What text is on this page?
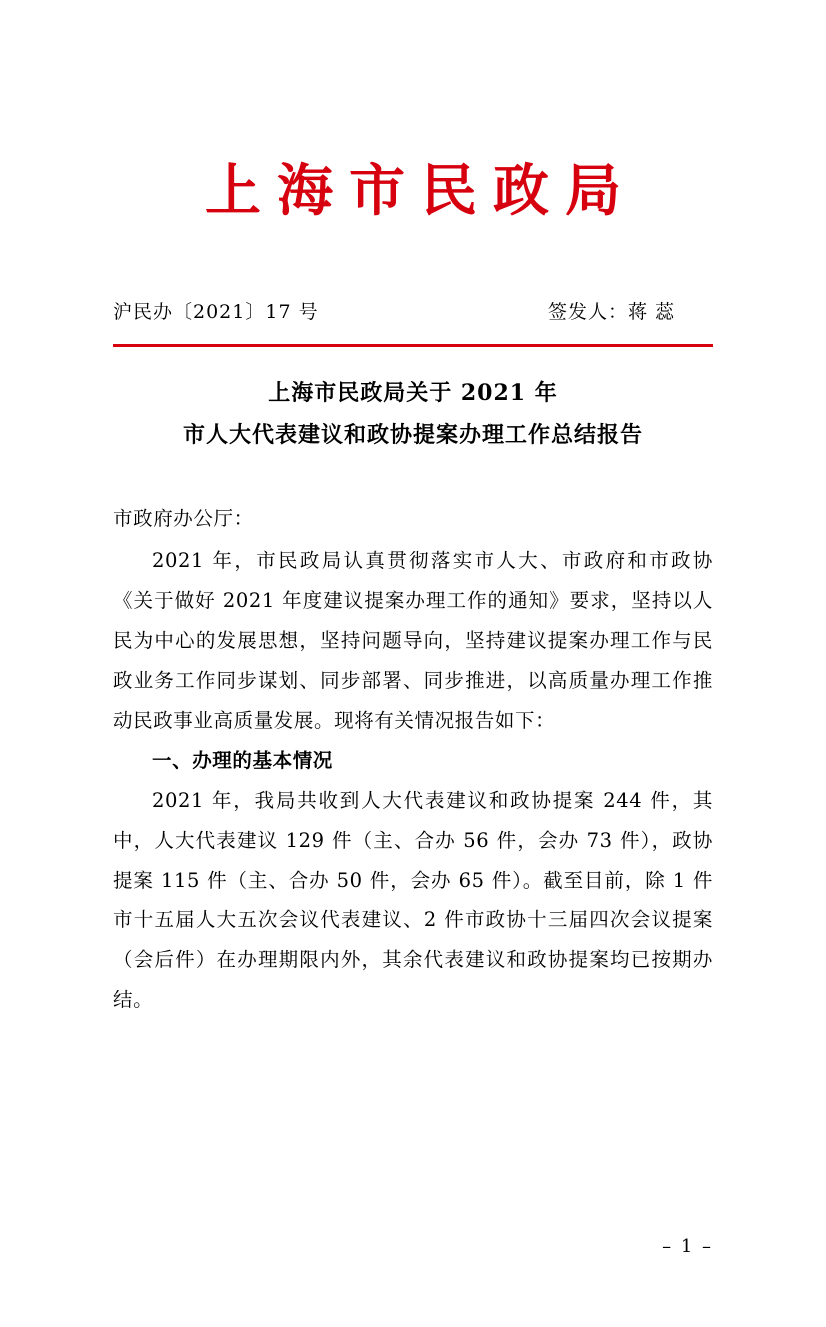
上海市民政局
沪民办〔2021〕17 号	签发人：蒋 蕊
上海市民政局关于 2021 年
市人大代表建议和政协提案办理工作总结报告

市政府办公厅：

2021 年，市民政局认真贯彻落实市人大、市政府和市政协《关于做好 2021 年度建议提案办理工作的通知》要求，坚持以人民为中心的发展思想，坚持问题导向，坚持建议提案办理工作与民政业务工作同步谋划、同步部署、同步推进，以高质量办理工作推动民政事业高质量发展。现将有关情况报告如下：

一、办理的基本情况

2021 年，我局共收到人大代表建议和政协提案 244 件，其中，人大代表建议 129 件（主、合办 56 件，会办 73 件），政协提案 115 件（主、合办 50 件，会办 65 件）。截至目前，除 1 件市十五届人大五次会议代表建议、2 件市政协十三届四次会议提案（会后件）在办理期限内外，其余代表建议和政协提案均已按期办结。

– 1 –
